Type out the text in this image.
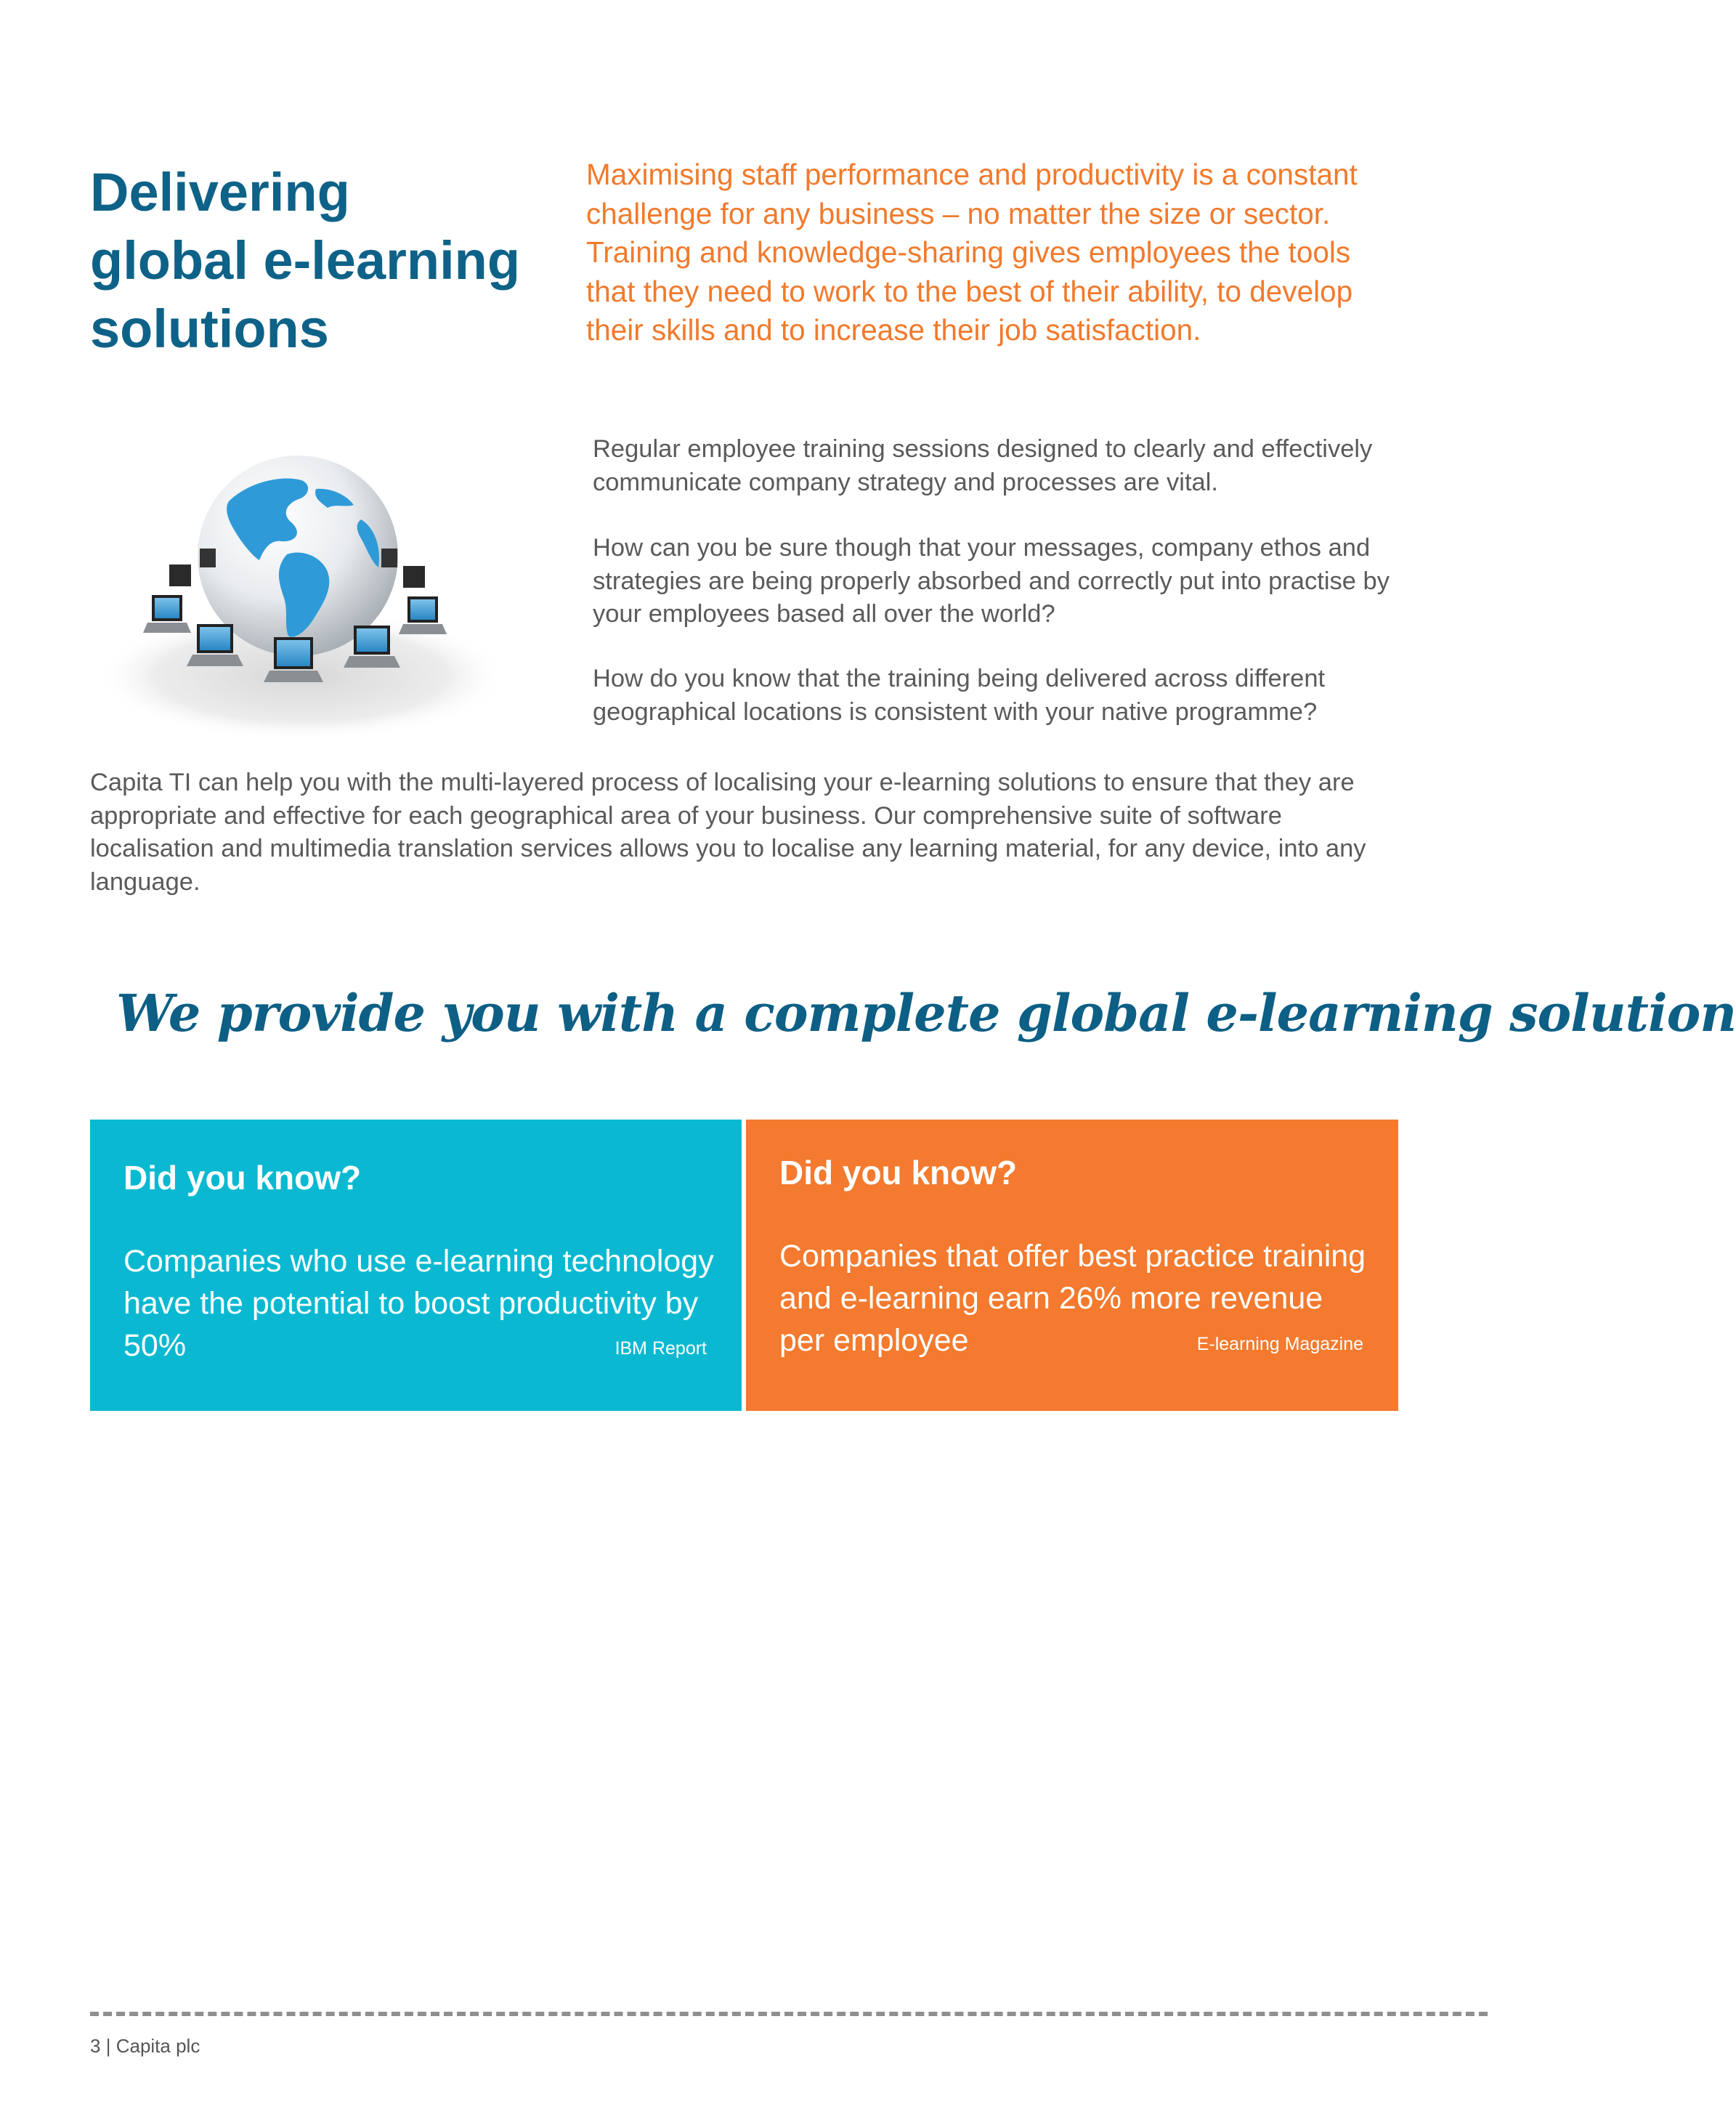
Delivering
global e-learning
solutions

Maximising staff performance and productivity is a constant challenge for any business – no matter the size or sector. Training and knowledge-sharing gives employees the tools that they need to work to the best of their ability, to develop their skills and to increase their job satisfaction.

Regular employee training sessions designed to clearly and effectively communicate company strategy and processes are vital.

How can you be sure though that your messages, company ethos and strategies are being properly absorbed and correctly put into practise by your employees based all over the world?

How do you know that the training being delivered across different geographical locations is consistent with your native programme?

Capita TI can help you with the multi-layered process of localising your e-learning solutions to ensure that they are appropriate and effective for each geographical area of your business. Our comprehensive suite of software localisation and multimedia translation services allows you to localise any learning material, for any device, into any language.

We provide you with a complete global e-learning solution
Did you know?

Companies who use e-learning technology have the potential to boost productivity by 50%	IBM Report
Did you know?

Companies that offer best practice training and e-learning earn 26% more revenue per employee	E-learning Magazine
3 | Capita plc
